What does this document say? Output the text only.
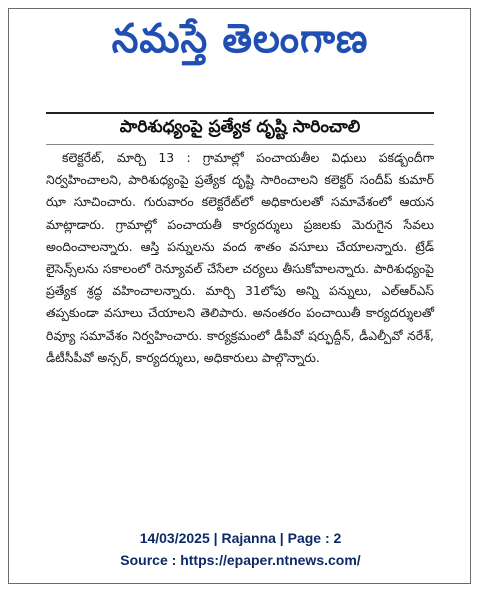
నమస్తే తెలంగాణ
పారిశుధ్యంపై ప్రత్యేక దృష్టి సారించాలి
కలెక్టరేట్, మార్చి 13 : గ్రామాల్లో పంచాయతీల విధులు పకడ్బందీగా నిర్వహించాలని, పారిశుధ్యంపై ప్రత్యేక దృష్టి సారించాలని కలెక్టర్ సందీప్ కుమార్ ఝా సూచించారు. గురువారం కలెక్టరేట్‌లో అధికారులతో సమావేశంలో ఆయన మాట్లాడారు. గ్రామాల్లో పంచాయతీ కార్యదర్శులు ప్రజలకు మెరుగైన సేవలు అందించాలన్నారు. ఆస్తి పన్నులను వంద శాతం వసూలు చేయాలన్నారు. ట్రేడ్ లైసెన్స్‌లను సకాలంలో రెన్యూవల్ చేసేలా చర్యలు తీసుకోవాలన్నారు. పారిశుధ్యంపై ప్రత్యేక శ్రద్ధ వహించాలన్నారు. మార్చి 31లోపు అన్ని పన్నులు, ఎల్ఆర్ఎస్ తప్పకుండా వసూలు చేయాలని తెలిపారు. అనంతరం పంచాయితీ కార్యదర్శులతో రివ్యూ సమావేశం నిర్వహించారు. కార్యక్రమంలో డీపీవో షర్ఫుద్దీన్, డీఎల్పీవో నరేశ్, డీటీసీపీవో అన్సర్, కార్యదర్శులు, అధికారులు పాల్గొన్నారు.
14/03/2025 | Rajanna | Page : 2
Source : https://epaper.ntnews.com/
